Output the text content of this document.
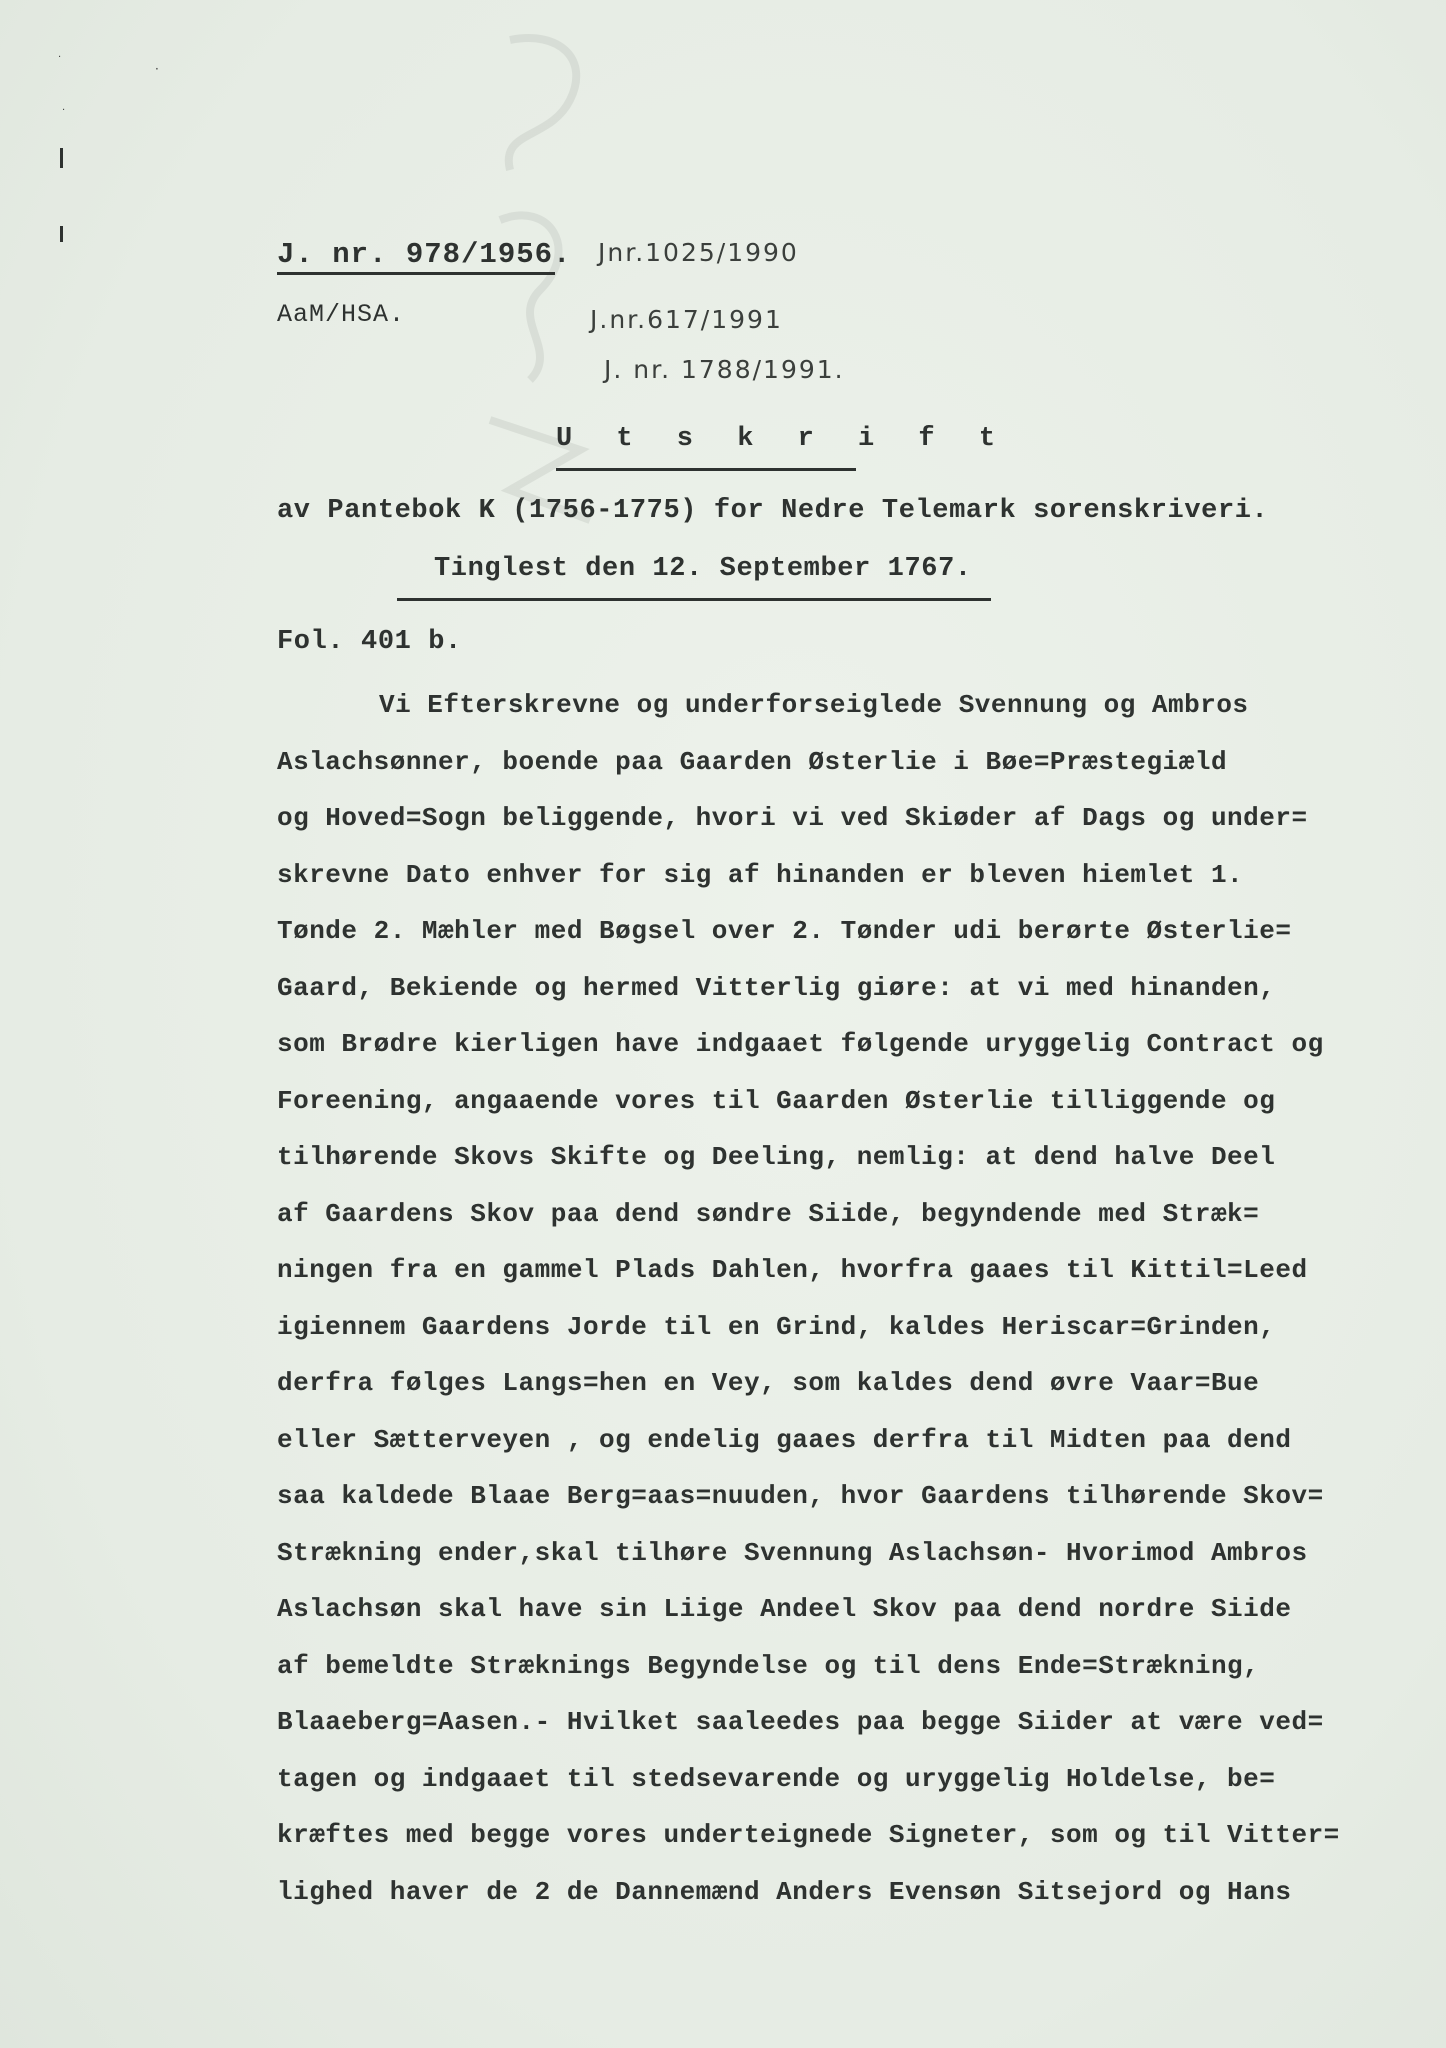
·
·
·
J. nr. 978/1956. Jnr.1025/1990
AaM/HSA.	J.nr.617/1991
J. nr. 1788/1991.
U t s k r i f t
av Pantebok K (1756-1775) for Nedre Telemark sorenskriveri.
Tinglest den 12. September 1767.
Fol. 401 b.
Vi Efterskrevne og underforseiglede Svennung og Ambros
Aslachsønner, boende paa Gaarden Østerlie i Bøe=Præstegiæld
og Hoved=Sogn beliggende, hvori vi ved Skiøder af Dags og under=
skrevne Dato enhver for sig af hinanden er bleven hiemlet 1.
Tønde 2. Mæhler med Bøgsel over 2. Tønder udi berørte Østerlie=
Gaard, Bekiende og hermed Vitterlig giøre: at vi med hinanden,
som Brødre kierligen have indgaaet følgende uryggelig Contract og
Foreening, angaaende vores til Gaarden Østerlie tilliggende og
tilhørende Skovs Skifte og Deeling, nemlig: at dend halve Deel
af Gaardens Skov paa dend søndre Siide, begyndende med Stræk=
ningen fra en gammel Plads Dahlen, hvorfra gaaes til Kittil=Leed
igiennem Gaardens Jorde til en Grind, kaldes Heriscar=Grinden,
derfra følges Langs=hen en Vey, som kaldes dend øvre Vaar=Bue
eller Sætterveyen , og endelig gaaes derfra til Midten paa dend
saa kaldede Blaae Berg=aas=nuuden, hvor Gaardens tilhørende Skov=
Strækning ender,skal tilhøre Svennung Aslachsøn- Hvorimod Ambros
Aslachsøn skal have sin Liige Andeel Skov paa dend nordre Siide
af bemeldte Stræknings Begyndelse og til dens Ende=Strækning,
Blaaeberg=Aasen.- Hvilket saaleedes paa begge Siider at være ved=
tagen og indgaaet til stedsevarende og uryggelig Holdelse, be=
kræftes med begge vores underteignede Signeter, som og til Vitter=
lighed haver de 2 de Dannemænd Anders Evensøn Sitsejord og Hans
